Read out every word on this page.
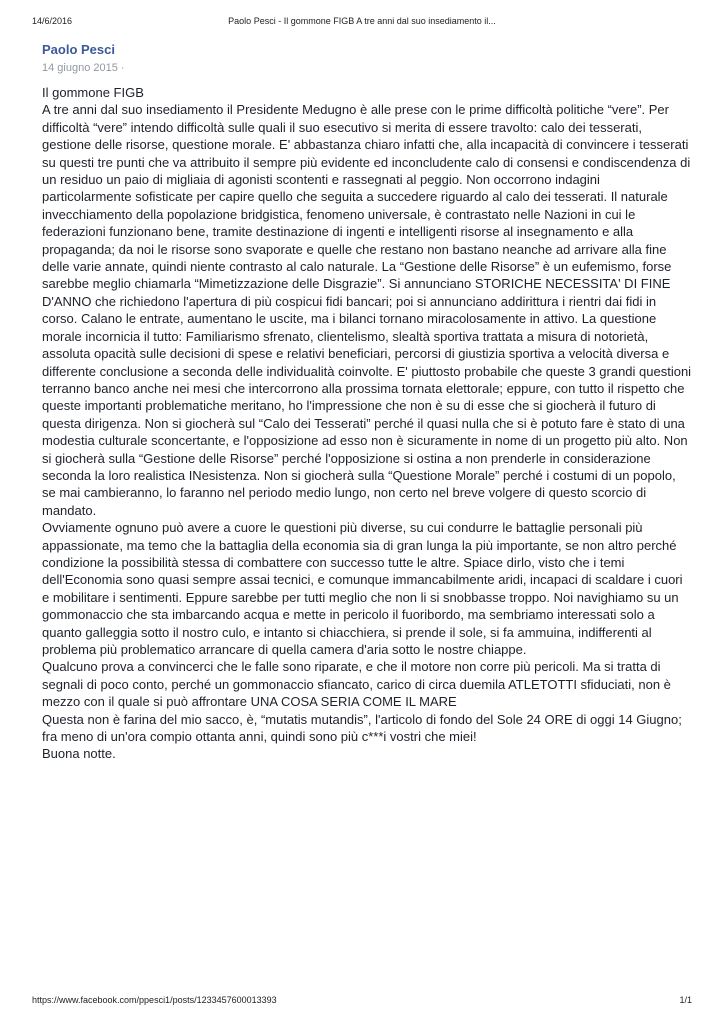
14/6/2016	Paolo Pesci - Il gommone FIGB A tre anni dal suo insediamento il...
Paolo Pesci
14 giugno 2015 ·

Il gommone FIGB

A tre anni dal suo insediamento il Presidente Medugno è alle prese con le prime difficoltà politiche “vere”. Per difficoltà “vere” intendo difficoltà sulle quali il suo esecutivo si merita di essere travolto: calo dei tesserati, gestione delle risorse, questione morale. E' abbastanza chiaro infatti che, alla incapacità di convincere i tesserati su questi tre punti che va attribuito il sempre più evidente ed inconcludente calo di consensi e condiscendenza di un residuo un paio di migliaia di agonisti scontenti e rassegnati al peggio. Non occorrono indagini particolarmente sofisticate per capire quello che seguita a succedere riguardo al calo dei tesserati. Il naturale invecchiamento della popolazione bridgistica, fenomeno universale, è contrastato nelle Nazioni in cui le federazioni funzionano bene, tramite destinazione di ingenti e intelligenti risorse al insegnamento e alla propaganda; da noi le risorse sono svaporate e quelle che restano non bastano neanche ad arrivare alla fine delle varie annate, quindi niente contrasto al calo naturale. La “Gestione delle Risorse” è un eufemismo, forse sarebbe meglio chiamarla “Mimetizzazione delle Disgrazie”. Si annunciano STORICHE NECESSITA' DI FINE D'ANNO che richiedono l'apertura di più cospicui fidi bancari; poi si annunciano addirittura i rientri dai fidi in corso. Calano le entrate, aumentano le uscite, ma i bilanci tornano miracolosamente in attivo. La questione morale incornicia il tutto: Familiarismo sfrenato, clientelismo, slealtà sportiva trattata a misura di notorietà, assoluta opacità sulle decisioni di spese e relativi beneficiari, percorsi di giustizia sportiva a velocità diversa e differente conclusione a seconda delle individualità coinvolte. E' piuttosto probabile che queste 3 grandi questioni terranno banco anche nei mesi che intercorrono alla prossima tornata elettorale; eppure, con tutto il rispetto che queste importanti problematiche meritano, ho l'impressione che non è su di esse che si giocherà il futuro di questa dirigenza. Non si giocherà sul “Calo dei Tesserati” perché il quasi nulla che si è potuto fare è stato di una modestia culturale sconcertante, e l'opposizione ad esso non è sicuramente in nome di un progetto più alto. Non si giocherà sulla “Gestione delle Risorse” perché l'opposizione si ostina a non prenderle in considerazione seconda la loro realistica INesistenza. Non si giocherà sulla “Questione Morale” perché i costumi di un popolo, se mai cambieranno, lo faranno nel periodo medio lungo, non certo nel breve volgere di questo scorcio di mandato.

Ovviamente ognuno può avere a cuore le questioni più diverse, su cui condurre le battaglie personali più appassionate, ma temo che la battaglia della economia sia di gran lunga la più importante, se non altro perché condizione la possibilità stessa di combattere con successo tutte le altre. Spiace dirlo, visto che i temi dell'Economia sono quasi sempre assai tecnici, e comunque immancabilmente aridi, incapaci di scaldare i cuori e mobilitare i sentimenti. Eppure sarebbe per tutti meglio che non li si snobbasse troppo. Noi navighiamo su un gommonaccio che sta imbarcando acqua e mette in pericolo il fuoribordo, ma sembriamo interessati solo a quanto galleggia sotto il nostro culo, e intanto si chiacchiera, si prende il sole, si fa ammuina, indifferenti al problema più problematico arrancare di quella camera d'aria sotto le nostre chiappe.

Qualcuno prova a convincerci che le falle sono riparate, e che il motore non corre più pericoli. Ma si tratta di segnali di poco conto, perché un gommonaccio sfiancato, carico di circa duemila ATLETOTTI sfiduciati, non è mezzo con il quale si può affrontare UNA COSA SERIA COME IL MARE

Questa non è farina del mio sacco, è, “mutatis mutandis”, l'articolo di fondo del Sole 24 ORE di oggi 14 Giugno; fra meno di un'ora compio ottanta anni, quindi sono più c***i vostri che miei!

Buona notte.

https://www.facebook.com/ppesci1/posts/1233457600013393	1/1
